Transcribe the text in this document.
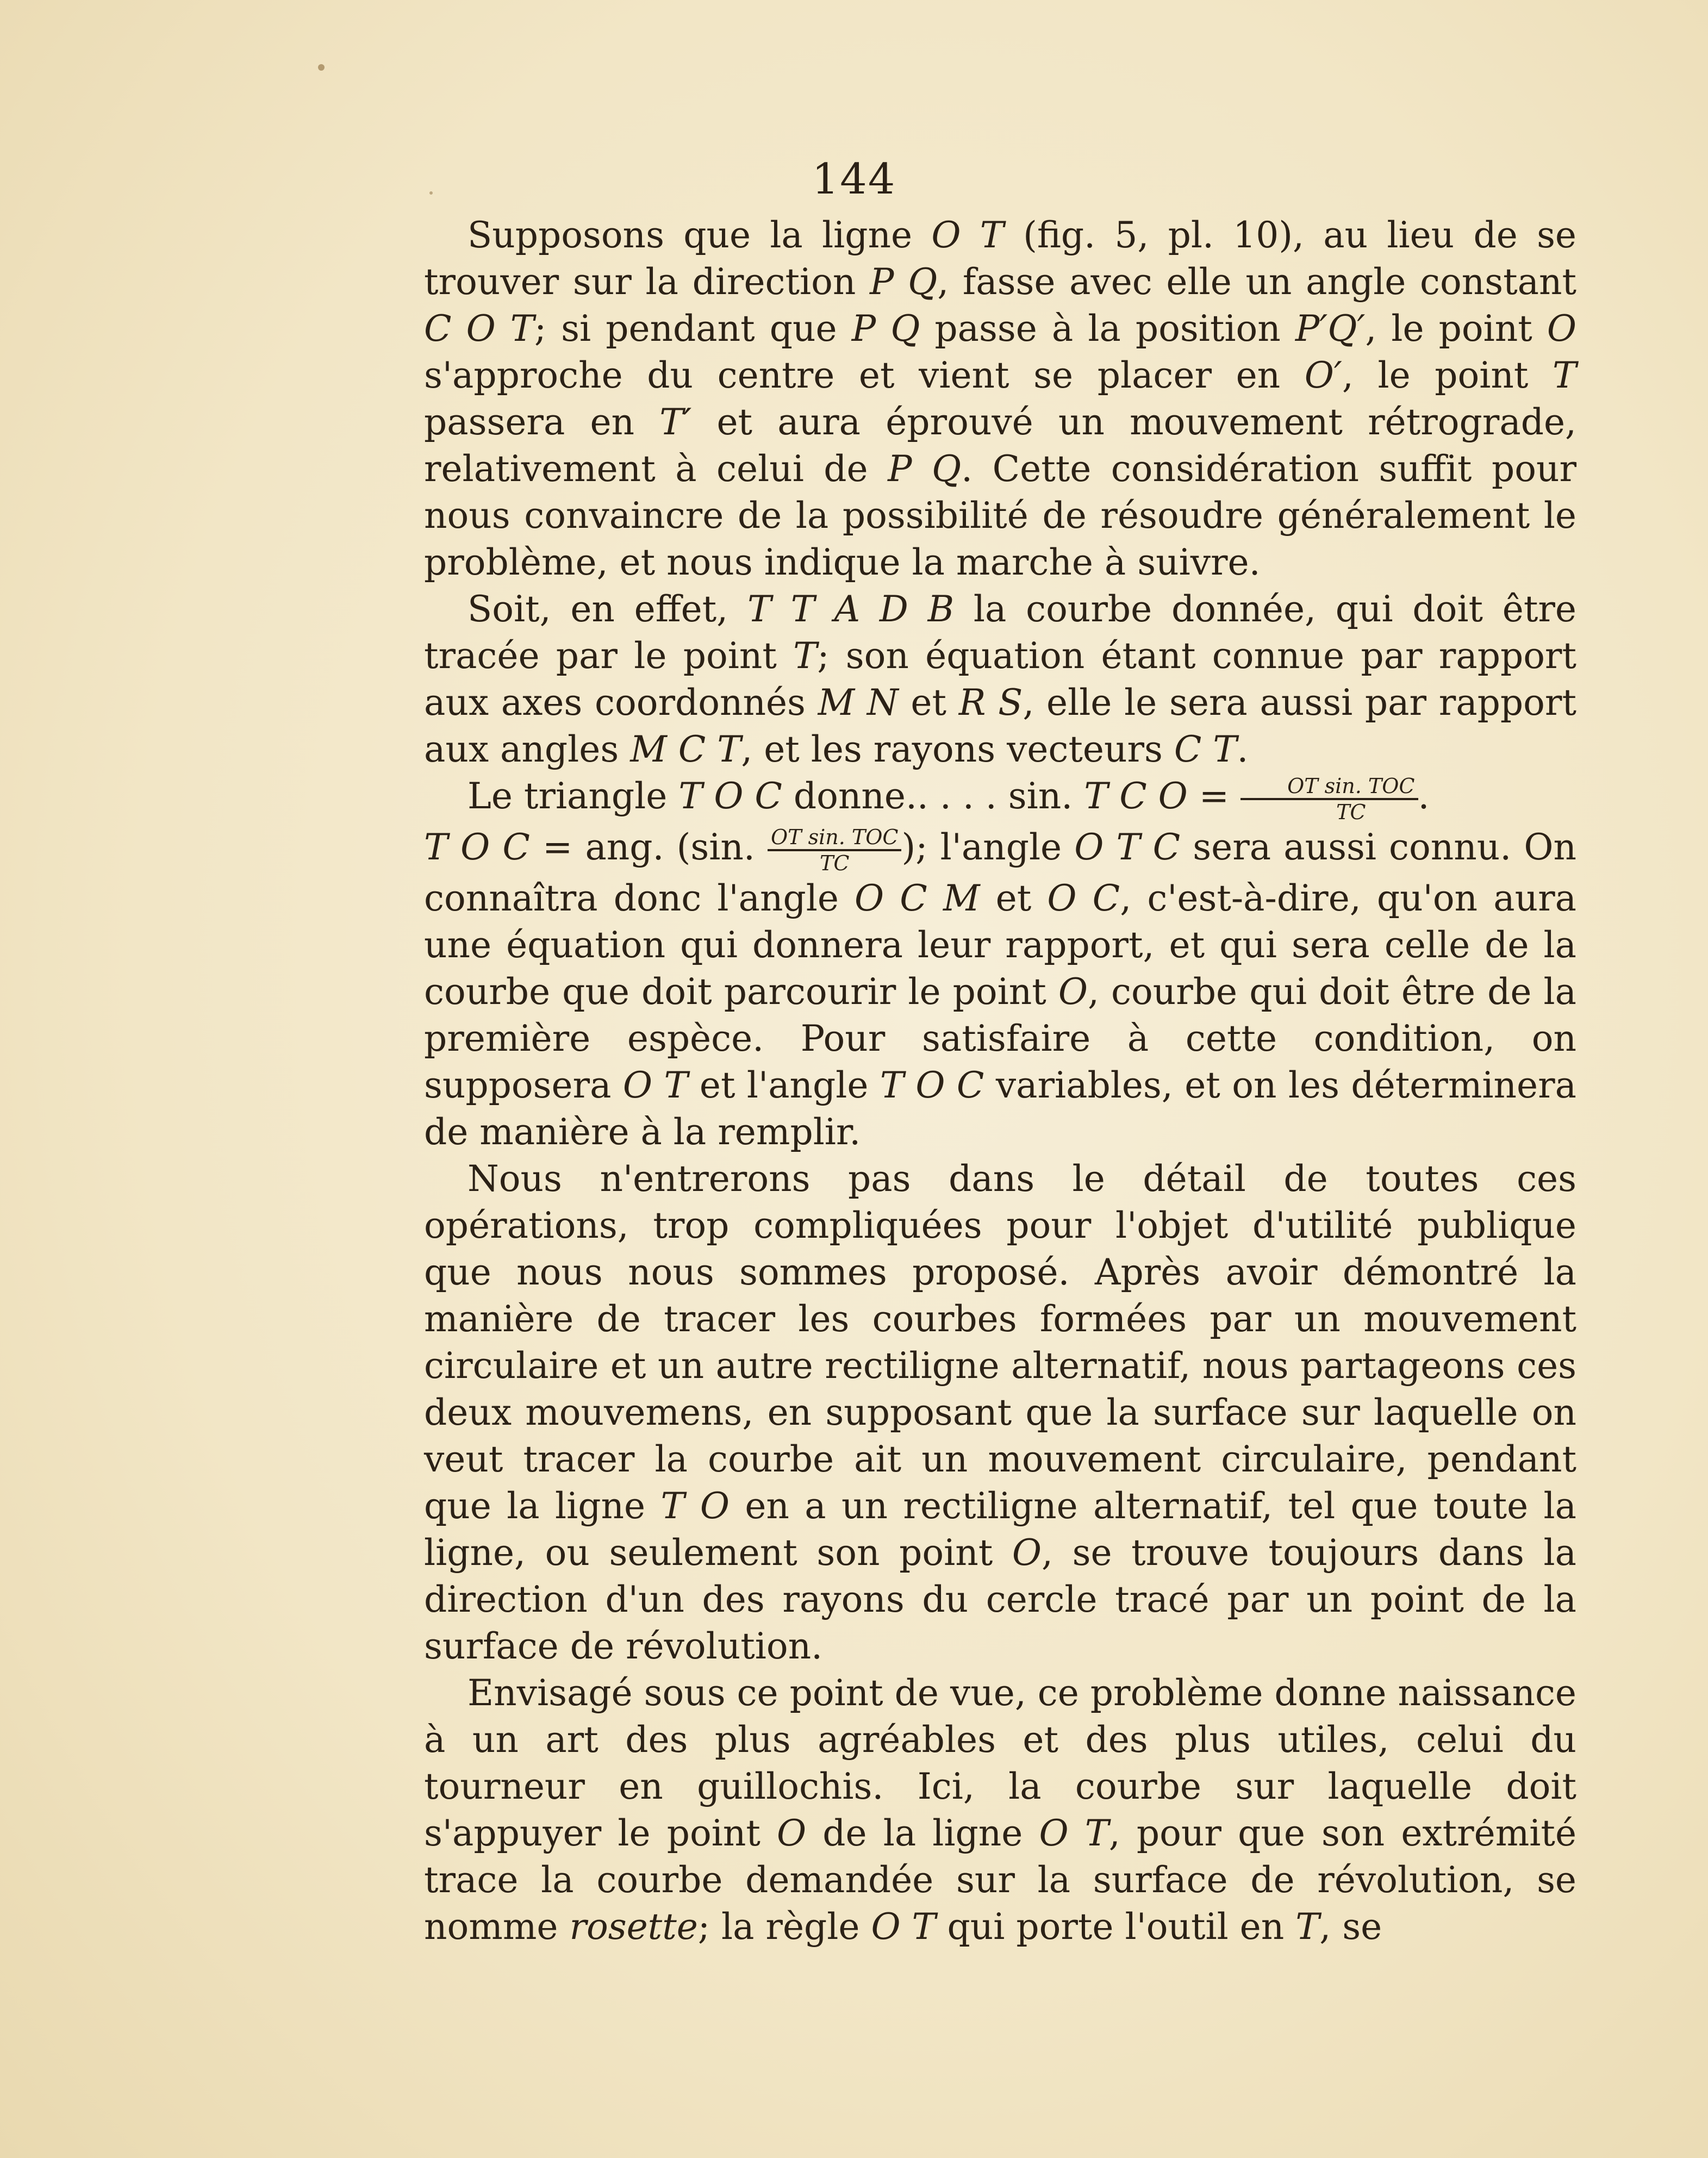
144

Supposons que la ligne O T (fig. 5, pl. 10), au lieu de se trouver sur la direction P Q, fasse avec elle un angle constant C O T; si pendant que P Q passe à la position P′Q′, le point O s'approche du centre et vient se placer en O′, le point T passera en T′ et aura éprouvé un mouvement rétrograde, relativement à celui de P Q. Cette considération suffit pour nous convaincre de la possibilité de résoudre généralement le problème, et nous indique la marche à suivre.

Soit, en effet, T T A D B la courbe donnée, qui doit être tracée par le point T; son équation étant connue par rapport aux axes coordonnés M N et R S, elle le sera aussi par rapport aux angles M C T, et les rayons vecteurs C T.

Le triangle T O C donne.. . . . sin. T C $O = \frac{\text{OT sin. TOC}}{TC}$ .

T O C = ang. (sin. $\frac{\text{OT sin. TOC}}{TC}$ ); l'angle O T C sera aussi connu. On connaîtra donc l'angle O C M et O C, c'est-à-dire, qu'on aura une équation qui donnera leur rapport, et qui sera celle de la courbe que doit parcourir le point O, courbe qui doit être de la première espèce. Pour satisfaire à cette condition, on supposera O T et l'angle T O C variables, et on les déterminera de manière à la remplir.

Nous n'entrerons pas dans le détail de toutes ces opérations, trop compliquées pour l'objet d'utilité publique que nous nous sommes proposé. Après avoir démontré la manière de tracer les courbes formées par un mouvement circulaire et un autre rectiligne alternatif, nous partageons ces deux mouvemens, en supposant que la surface sur laquelle on veut tracer la courbe ait un mouvement circulaire, pendant que la ligne T O en a un rectiligne alternatif, tel que toute la ligne, ou seulement son point O, se trouve toujours dans la direction d'un des rayons du cercle tracé par un point de la surface de révolution.

Envisagé sous ce point de vue, ce problème donne naissance à un art des plus agréables et des plus utiles, celui du tourneur en guillochis. Ici, la courbe sur laquelle doit s'appuyer le point O de la ligne O T, pour que son extrémité trace la courbe demandée sur la surface de révolution, se nomme rosette; la règle O T qui porte l'outil en T, se
